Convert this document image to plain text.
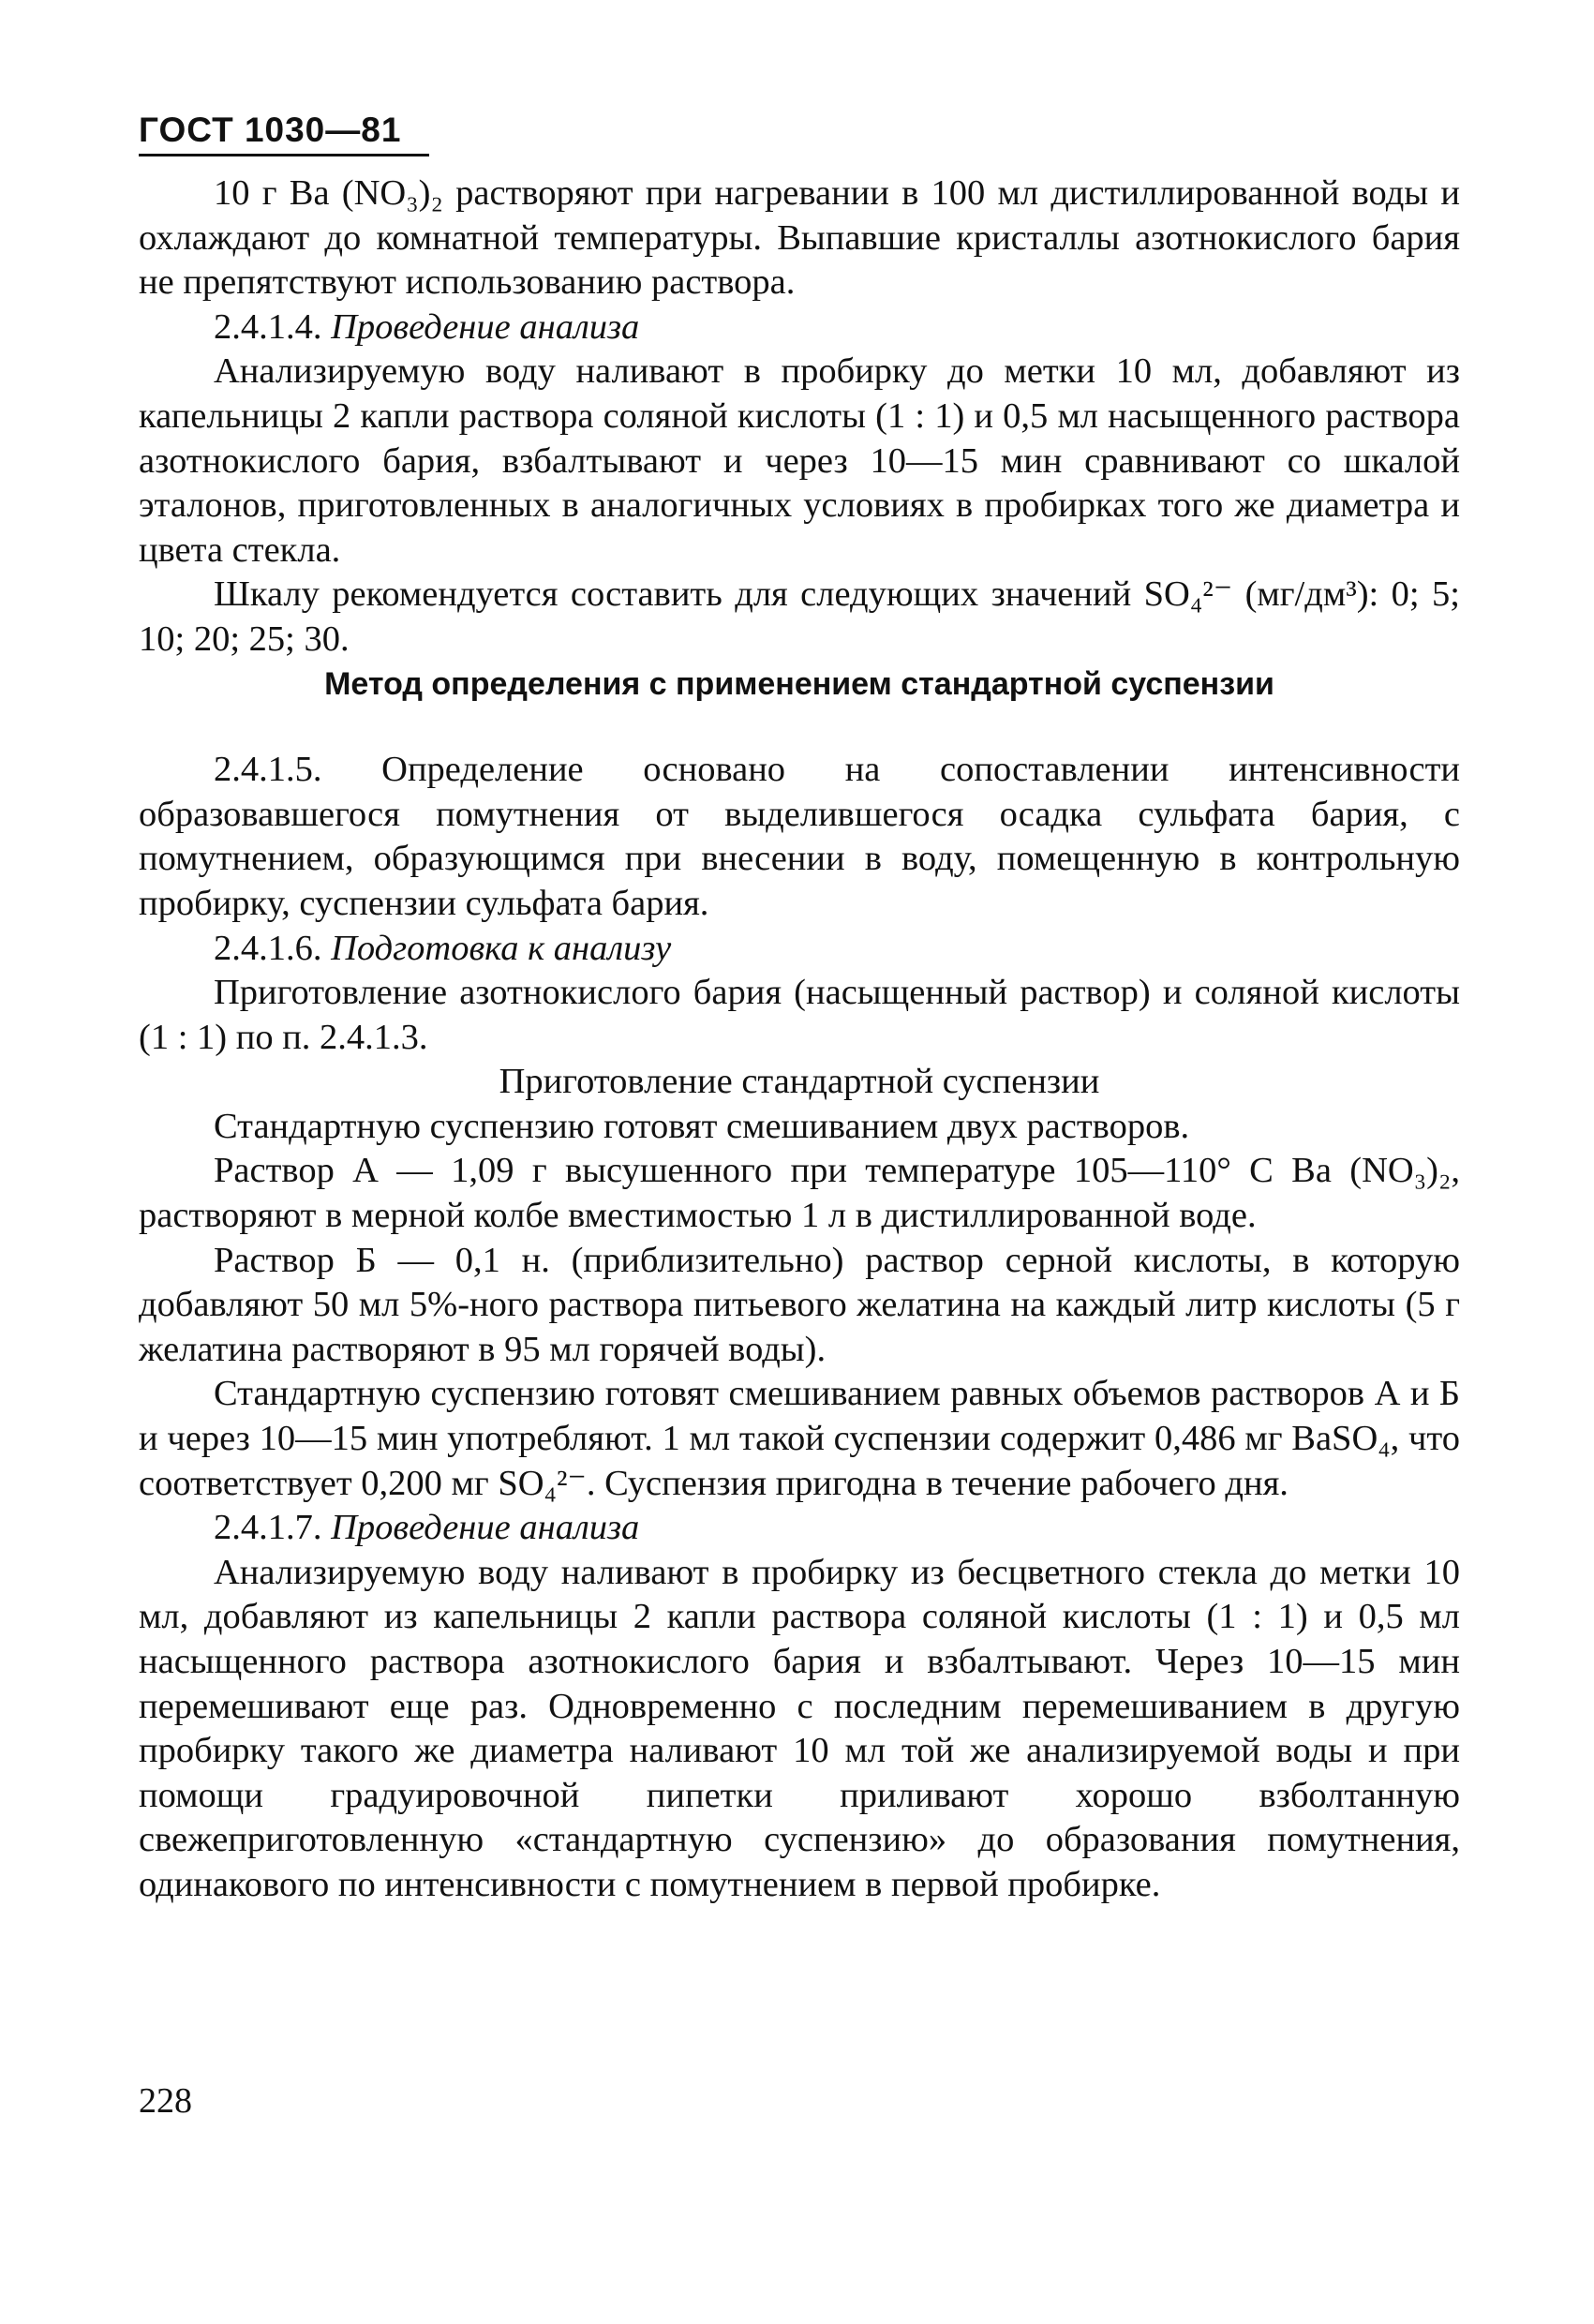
ГОСТ 1030—81

10 г Ba (NO₃)₂ растворяют при нагревании в 100 мл дистиллированной воды и охлаждают до комнатной температуры. Выпавшие кристаллы азотнокислого бария не препятствуют использованию раствора.

2.4.1.4. Проведение анализа

Анализируемую воду наливают в пробирку до метки 10 мл, добавляют из капельницы 2 капли раствора соляной кислоты (1 : 1) и 0,5 мл насыщенного раствора азотнокислого бария, взбалтывают и через 10—15 мин сравнивают со шкалой эталонов, приготовленных в аналогичных условиях в пробирках того же диаметра и цвета стекла.

Шкалу рекомендуется составить для следующих значений SO₄²⁻ (мг/дм³): 0; 5; 10; 20; 25; 30.

Метод определения с применением стандартной суспензии

2.4.1.5. Определение основано на сопоставлении интенсивности образовавшегося помутнения от выделившегося осадка сульфата бария, с помутнением, образующимся при внесении в воду, помещенную в контрольную пробирку, суспензии сульфата бария.

2.4.1.6. Подготовка к анализу

Приготовление азотнокислого бария (насыщенный раствор) и соляной кислоты (1 : 1) по п. 2.4.1.3.

Приготовление стандартной суспензии

Стандартную суспензию готовят смешиванием двух растворов.

Раствор А — 1,09 г высушенного при температуре 105—110° С Ba (NO₃)₂, растворяют в мерной колбе вместимостью 1 л в дистиллированной воде.

Раствор Б — 0,1 н. (приблизительно) раствор серной кислоты, в которую добавляют 50 мл 5%-ного раствора питьевого желатина на каждый литр кислоты (5 г желатина растворяют в 95 мл горячей воды).

Стандартную суспензию готовят смешиванием равных объемов растворов А и Б и через 10—15 мин употребляют. 1 мл такой суспензии содержит 0,486 мг BaSO₄, что соответствует 0,200 мг SO₄²⁻. Суспензия пригодна в течение рабочего дня.

2.4.1.7. Проведение анализа

Анализируемую воду наливают в пробирку из бесцветного стекла до метки 10 мл, добавляют из капельницы 2 капли раствора соляной кислоты (1 : 1) и 0,5 мл насыщенного раствора азотнокислого бария и взбалтывают. Через 10—15 мин перемешивают еще раз. Одновременно с последним перемешиванием в другую пробирку такого же диаметра наливают 10 мл той же анализируемой воды и при помощи градуировочной пипетки приливают хорошо взболтанную свежеприготовленную «стандартную суспензию» до образования помутнения, одинакового по интенсивности с помутнением в первой пробирке.

228
